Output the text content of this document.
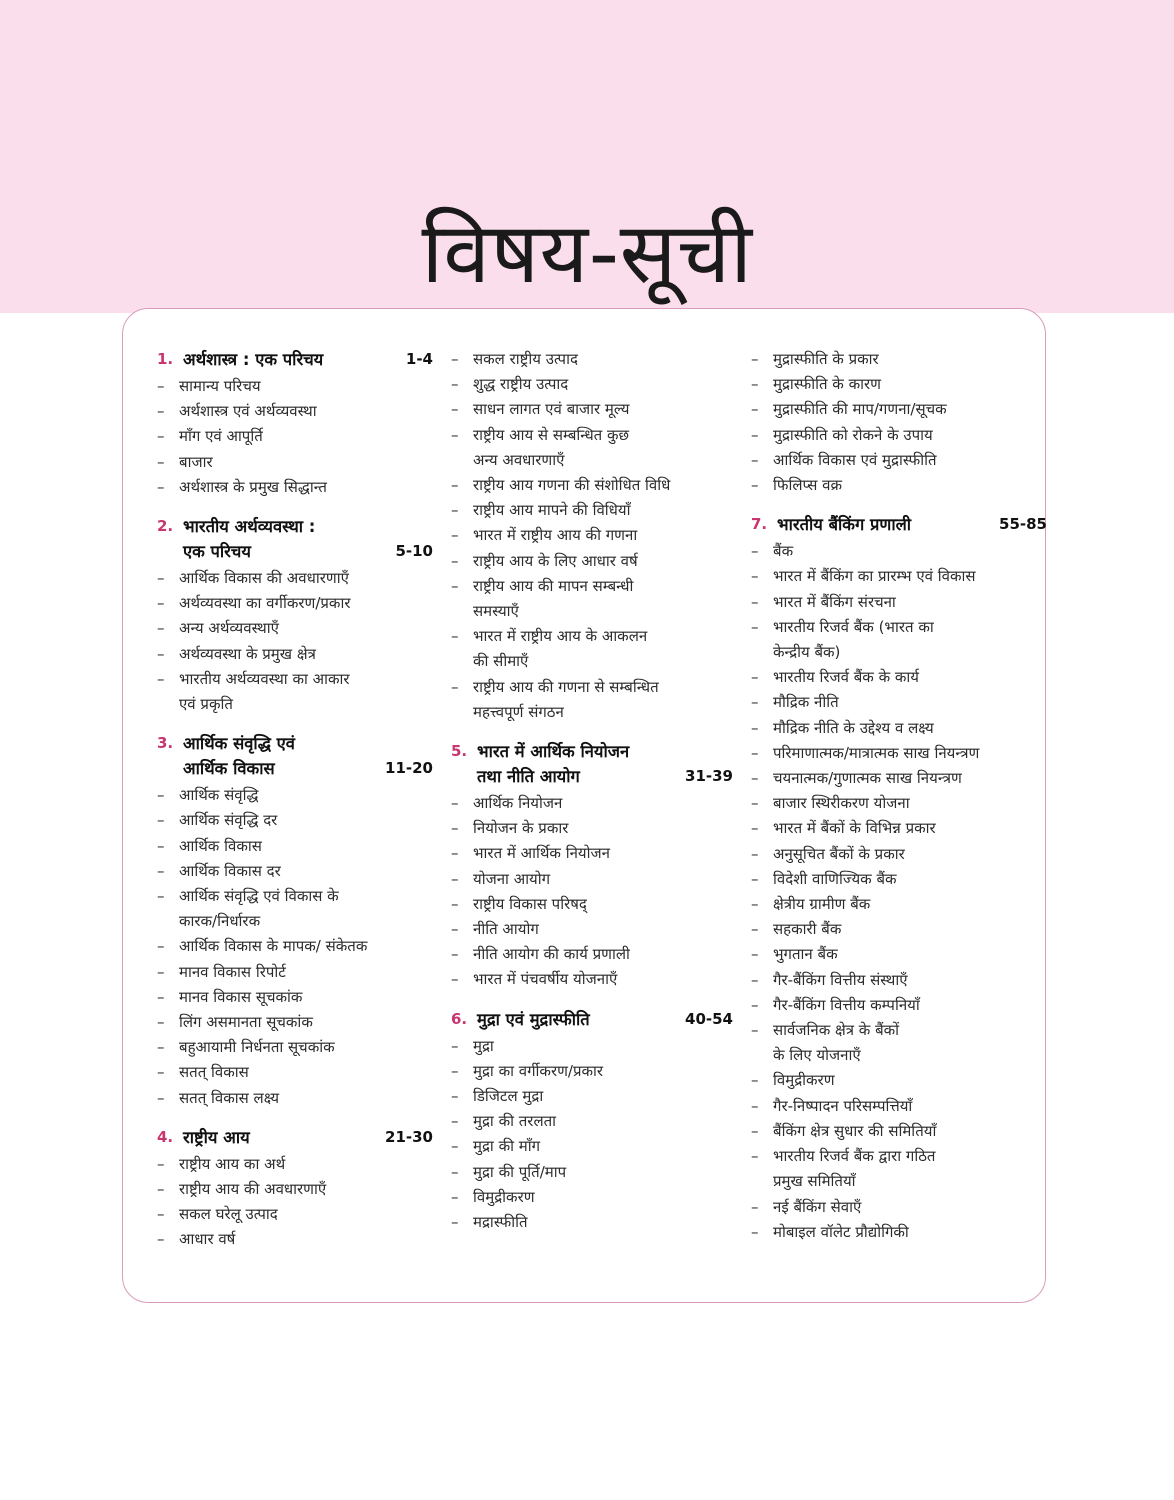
विषय-सूची
1. अर्थशास्त्र : एक परिचय	1-4
– सामान्य परिचय
– अर्थशास्त्र एवं अर्थव्यवस्था
– माँग एवं आपूर्ति
– बाजार
– अर्थशास्त्र के प्रमुख सिद्धान्त
2. भारतीय अर्थव्यवस्था :
एक परिचय	5-10
– आर्थिक विकास की अवधारणाएँ
– अर्थव्यवस्था का वर्गीकरण/प्रकार
– अन्य अर्थव्यवस्थाएँ
– अर्थव्यवस्था के प्रमुख क्षेत्र
– भारतीय अर्थव्यवस्था का आकार
एवं प्रकृति
3. आर्थिक संवृद्धि एवं
आर्थिक विकास	11-20
– आर्थिक संवृद्धि
– आर्थिक संवृद्धि दर
– आर्थिक विकास
– आर्थिक विकास दर
– आर्थिक संवृद्धि एवं विकास के
कारक/निर्धारक
– आर्थिक विकास के मापक/ संकेतक
– मानव विकास रिपोर्ट
– मानव विकास सूचकांक
– लिंग असमानता सूचकांक
– बहुआयामी निर्धनता सूचकांक
– सतत् विकास
– सतत् विकास लक्ष्य
4. राष्ट्रीय आय	21-30
– राष्ट्रीय आय का अर्थ
– राष्ट्रीय आय की अवधारणाएँ
– सकल घरेलू उत्पाद
– आधार वर्ष
– सकल राष्ट्रीय उत्पाद
– शुद्ध राष्ट्रीय उत्पाद
– साधन लागत एवं बाजार मूल्य
– राष्ट्रीय आय से सम्बन्धित कुछ
अन्य अवधारणाएँ
– राष्ट्रीय आय गणना की संशोधित विधि
– राष्ट्रीय आय मापने की विधियाँ
– भारत में राष्ट्रीय आय की गणना
– राष्ट्रीय आय के लिए आधार वर्ष
– राष्ट्रीय आय की मापन सम्बन्धी
समस्याएँ
– भारत में राष्ट्रीय आय के आकलन
की सीमाएँ
– राष्ट्रीय आय की गणना से सम्बन्धित
महत्त्वपूर्ण संगठन
5. भारत में आर्थिक नियोजन
तथा नीति आयोग	31-39
– आर्थिक नियोजन
– नियोजन के प्रकार
– भारत में आर्थिक नियोजन
– योजना आयोग
– राष्ट्रीय विकास परिषद्
– नीति आयोग
– नीति आयोग की कार्य प्रणाली
– भारत में पंचवर्षीय योजनाएँ
6. मुद्रा एवं मुद्रास्फीति	40-54
– मुद्रा
– मुद्रा का वर्गीकरण/प्रकार
– डिजिटल मुद्रा
– मुद्रा की तरलता
– मुद्रा की माँग
– मुद्रा की पूर्ति/माप
– विमुद्रीकरण
– मद्रास्फीति
– मुद्रास्फीति के प्रकार
– मुद्रास्फीति के कारण
– मुद्रास्फीति की माप/गणना/सूचक
– मुद्रास्फीति को रोकने के उपाय
– आर्थिक विकास एवं मुद्रास्फीति
– फिलिप्स वक्र
7. भारतीय बैंकिंग प्रणाली	55-85
– बैंक
– भारत में बैंकिंग का प्रारम्भ एवं विकास
– भारत में बैंकिंग संरचना
– भारतीय रिजर्व बैंक (भारत का
केन्द्रीय बैंक)
– भारतीय रिजर्व बैंक के कार्य
– मौद्रिक नीति
– मौद्रिक नीति के उद्देश्य व लक्ष्य
– परिमाणात्मक/मात्रात्मक साख नियन्त्रण
– चयनात्मक/गुणात्मक साख नियन्त्रण
– बाजार स्थिरीकरण योजना
– भारत में बैंकों के विभिन्न प्रकार
– अनुसूचित बैंकों के प्रकार
– विदेशी वाणिज्यिक बैंक
– क्षेत्रीय ग्रामीण बैंक
– सहकारी बैंक
– भुगतान बैंक
– गैर-बैंकिंग वित्तीय संस्थाएँ
– गैर-बैंकिंग वित्तीय कम्पनियाँ
– सार्वजनिक क्षेत्र के बैंकों
के लिए योजनाएँ
– विमुद्रीकरण
– गैर-निष्पादन परिसम्पत्तियाँ
– बैंकिंग क्षेत्र सुधार की समितियाँ
– भारतीय रिजर्व बैंक द्वारा गठित
प्रमुख समितियाँ
– नई बैंकिंग सेवाएँ
– मोबाइल वॉलेट प्रौद्योगिकी
